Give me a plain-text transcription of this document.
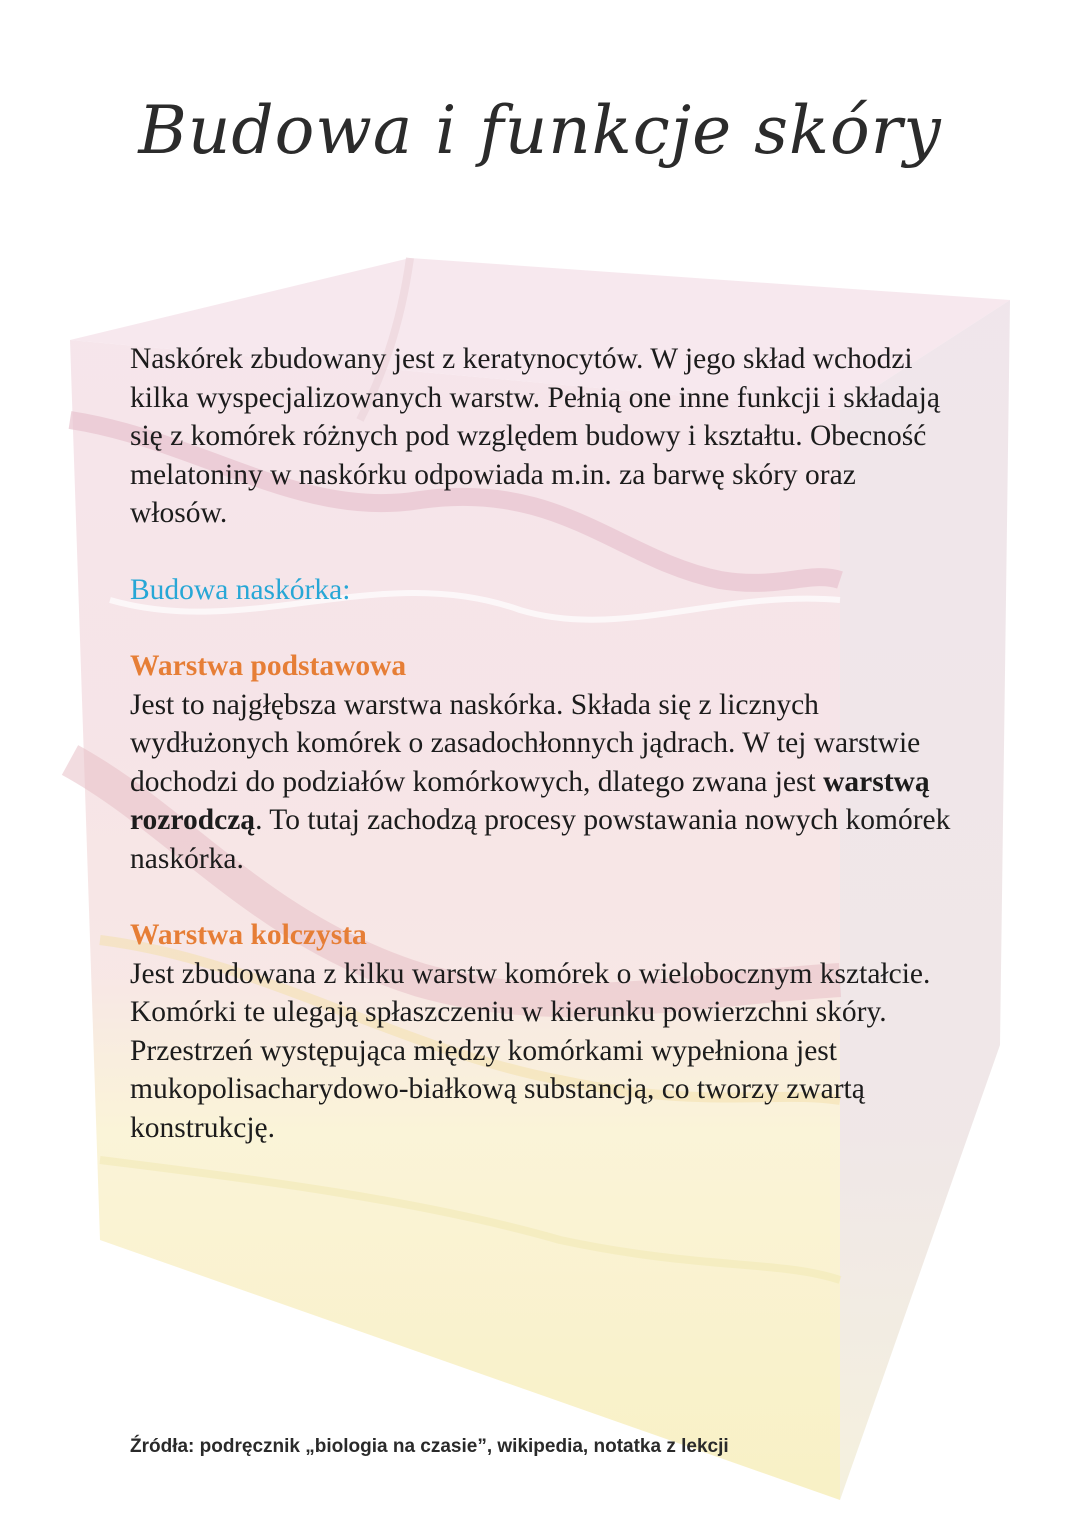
Budowa i funkcje skóry

Naskórek zbudowany jest z keratynocytów. W jego skład wchodzi kilka wyspecjalizowanych warstw. Pełnią one inne funkcji i składają się z komórek różnych pod względem budowy i kształtu. Obecność melatoniny w naskórku odpowiada m.in. za barwę skóry oraz włosów.

Budowa naskórka:

Warstwa podstawowa

Jest to najgłębsza warstwa naskórka. Składa się z licznych wydłużonych komórek o zasadochłonnych jądrach. W tej warstwie dochodzi do podziałów komórkowych, dlatego zwana jest warstwą rozrodczą. To tutaj zachodzą procesy powstawania nowych komórek naskórka.

Warstwa kolczysta

Jest zbudowana z kilku warstw komórek o wielobocznym kształcie. Komórki te ulegają spłaszczeniu w kierunku powierzchni skóry. Przestrzeń występująca między komórkami wypełniona jest mukopolisacharydowo-białkową substancją, co tworzy zwartą konstrukcję.

Źródła: podręcznik „biologia na czasie”, wikipedia, notatka z lekcji
